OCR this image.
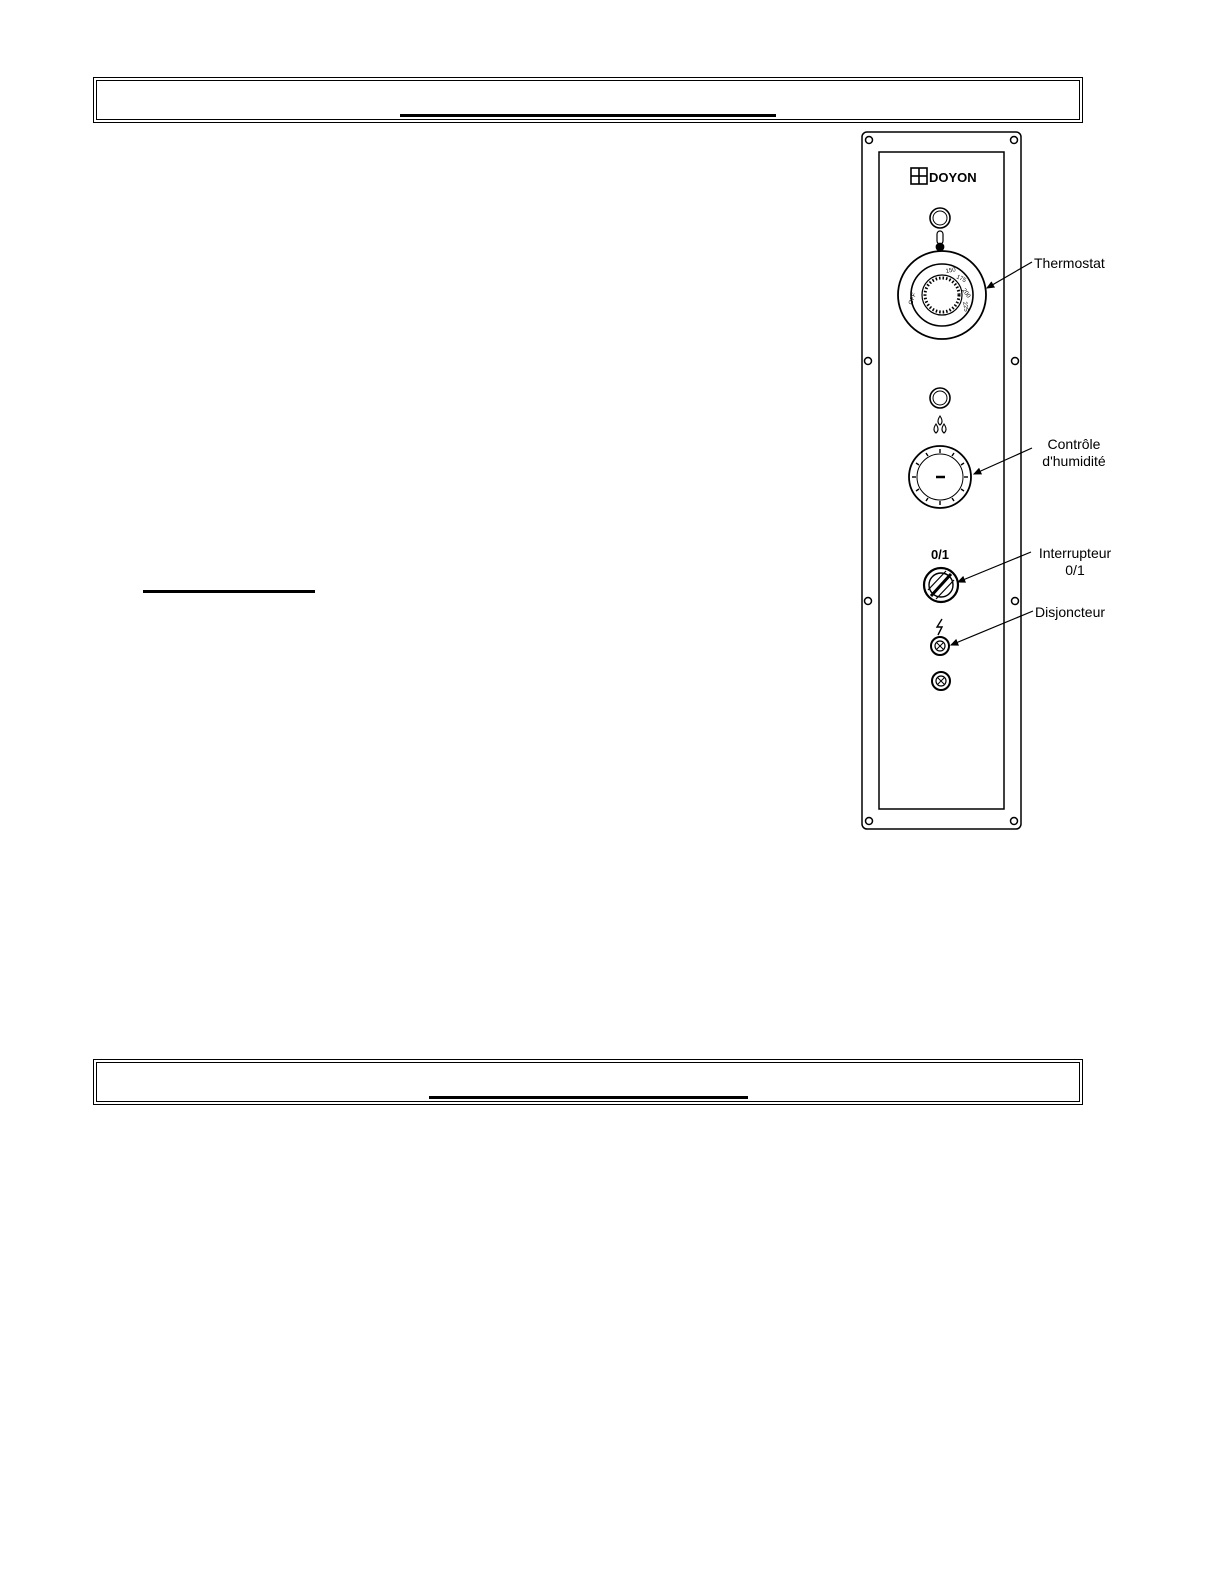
DOYON
150
175
200
225
OFF
0/1
Thermostat
Contrôle
d'humidité
Interrupteur
0/1
Disjoncteur
